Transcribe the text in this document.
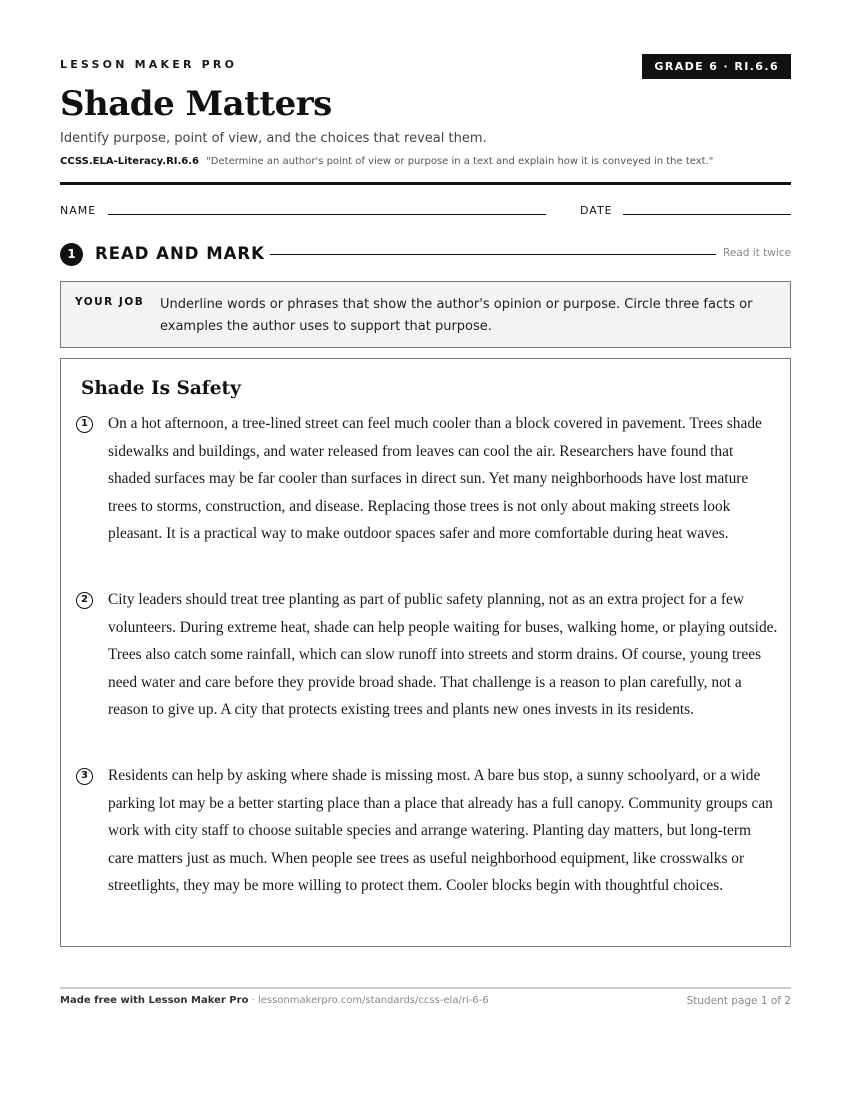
LESSON MAKER PRO	GRADE 6 · RI.6.6
Shade Matters
Identify purpose, point of view, and the choices that reveal them.
CCSS.ELA-Literacy.RI.6.6 "Determine an author's point of view or purpose in a text and explain how it is conveyed in the text."
NAME	DATE
1	READ AND MARK	Read it twice
YOUR JOB Underline words or phrases that show the author's opinion or purpose. Circle three facts or examples the author uses to support that purpose.
Shade Is Safety
1	On a hot afternoon, a tree-lined street can feel much cooler than a block covered in pavement. Trees shade sidewalks and buildings, and water released from leaves can cool the air. Researchers have found that shaded surfaces may be far cooler than surfaces in direct sun. Yet many neighborhoods have lost mature trees to storms, construction, and disease. Replacing those trees is not only about making streets look pleasant. It is a practical way to make outdoor spaces safer and more comfortable during heat waves.
2	City leaders should treat tree planting as part of public safety planning, not as an extra project for a few volunteers. During extreme heat, shade can help people waiting for buses, walking home, or playing outside. Trees also catch some rainfall, which can slow runoff into streets and storm drains. Of course, young trees need water and care before they provide broad shade. That challenge is a reason to plan carefully, not a reason to give up. A city that protects existing trees and plants new ones invests in its residents.
3	Residents can help by asking where shade is missing most. A bare bus stop, a sunny schoolyard, or a wide parking lot may be a better starting place than a place that already has a full canopy. Community groups can work with city staff to choose suitable species and arrange watering. Planting day matters, but long-term care matters just as much. When people see trees as useful neighborhood equipment, like crosswalks or streetlights, they may be more willing to protect them. Cooler blocks begin with thoughtful choices.
Made free with Lesson Maker Pro · lessonmakerpro.com/standards/ccss-ela/ri-6-6	Student page 1 of 2
